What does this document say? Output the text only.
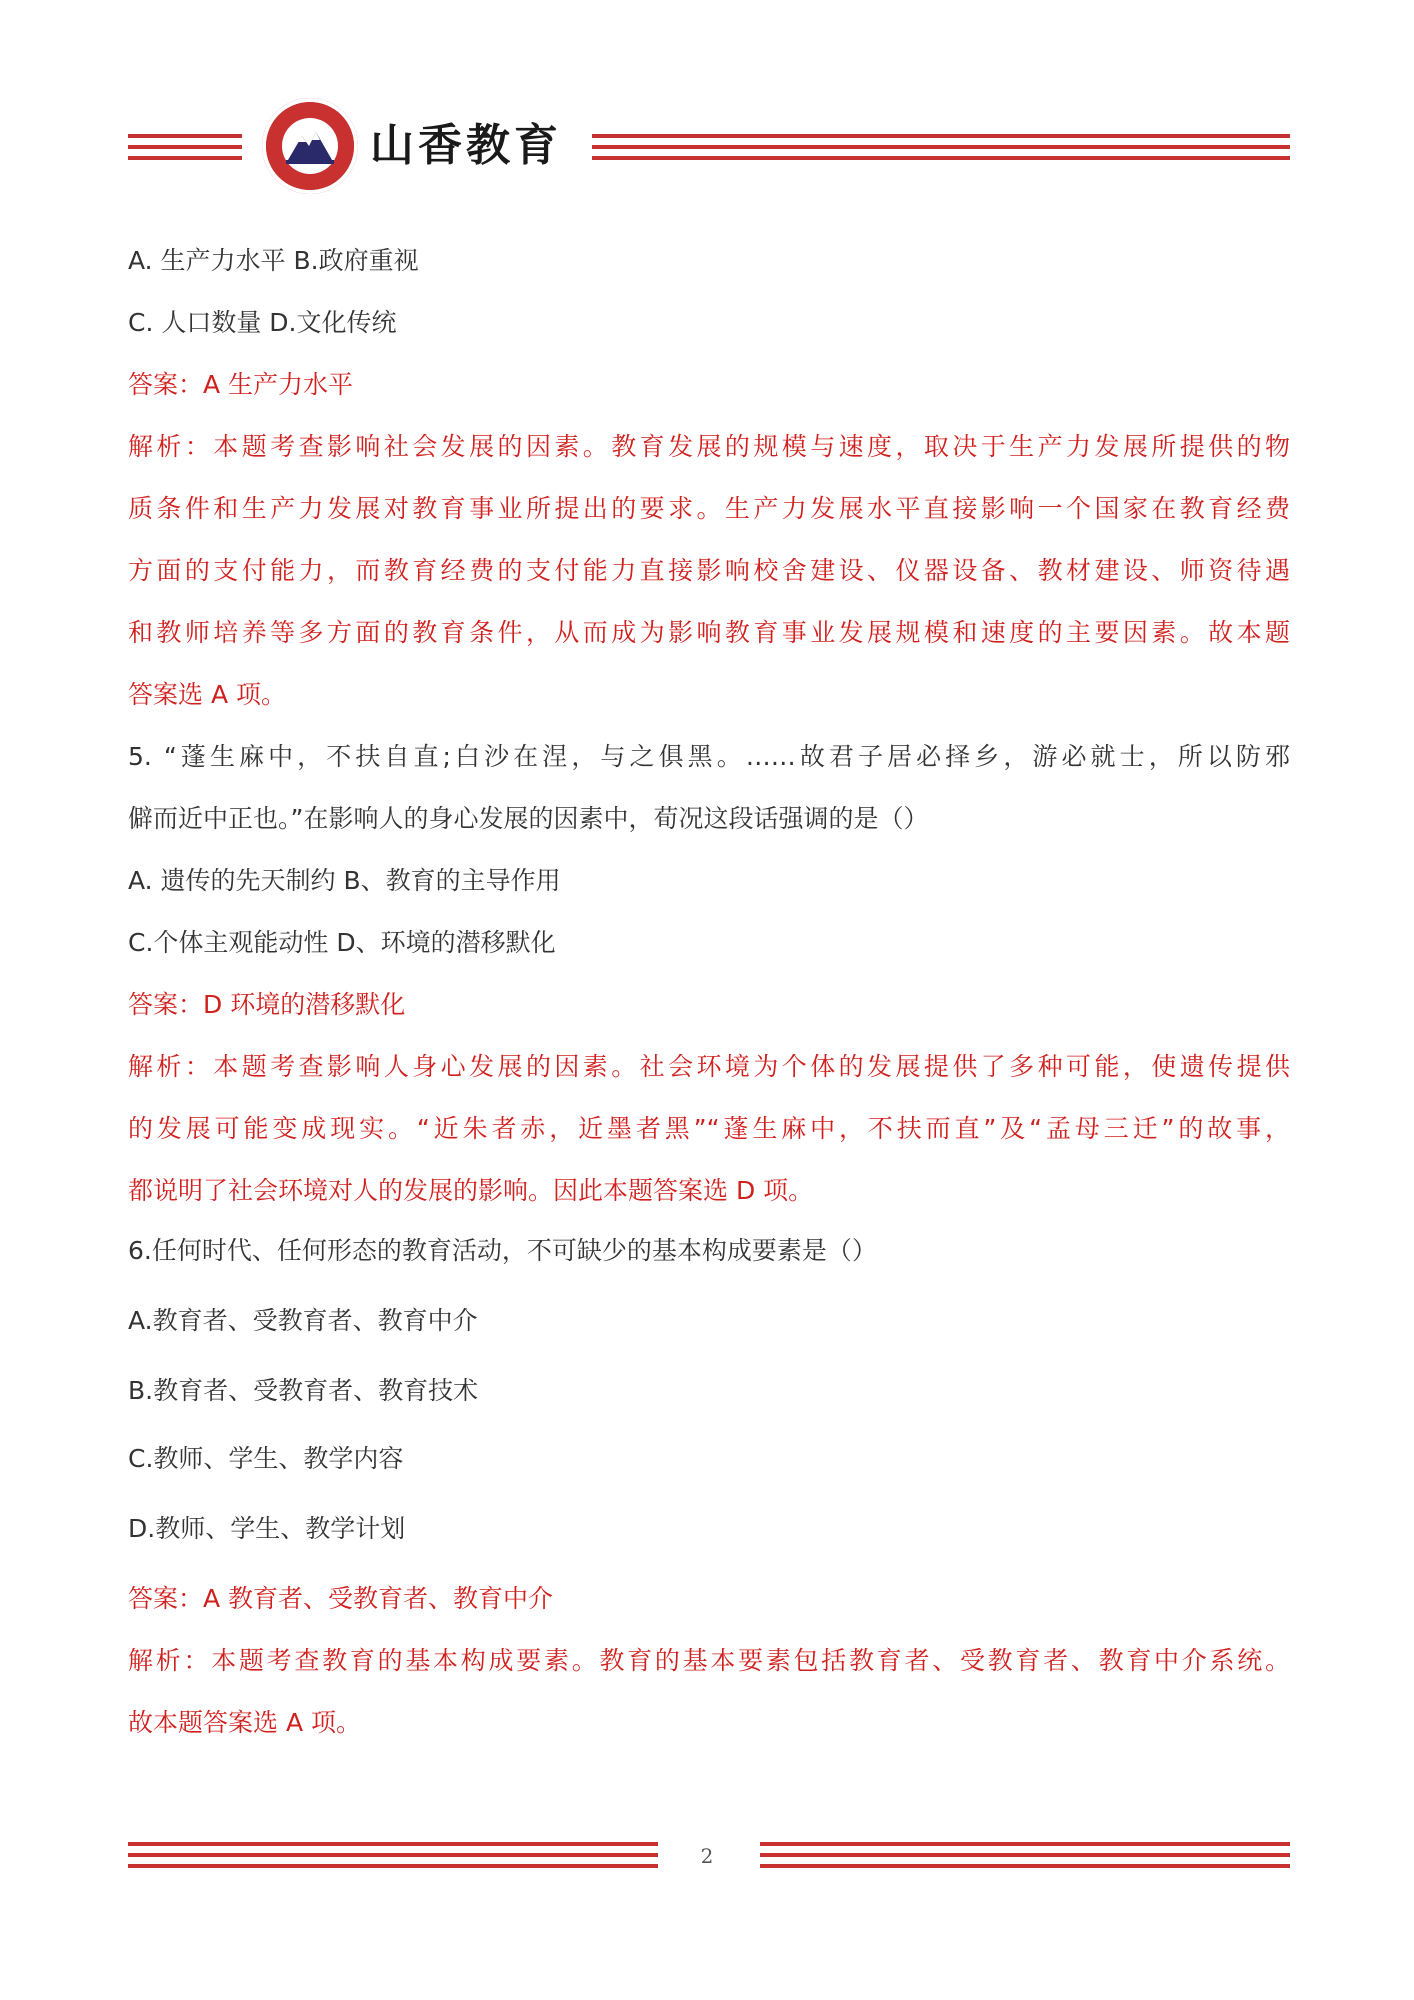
山香教育
A. 生产力水平 B.政府重视
C. 人口数量 D.文化传统
答案：A 生产力水平
解析：本题考查影响社会发展的因素。教育发展的规模与速度，取决于生产力发展所提供的物
质条件和生产力发展对教育事业所提出的要求。生产力发展水平直接影响一个国家在教育经费
方面的支付能力，而教育经费的支付能力直接影响校舍建设、仪器设备、教材建设、师资待遇
和教师培养等多方面的教育条件，从而成为影响教育事业发展规模和速度的主要因素。故本题
答案选 A 项。
5. “蓬生麻中，不扶自直;白沙在涅，与之俱黑。……故君子居必择乡，游必就士，所以防邪
僻而近中正也。”在影响人的身心发展的因素中，荀况这段话强调的是（）
A. 遗传的先天制约 B、教育的主导作用
C.个体主观能动性 D、环境的潜移默化
答案：D 环境的潜移默化
解析：本题考查影响人身心发展的因素。社会环境为个体的发展提供了多种可能，使遗传提供
的发展可能变成现实。“近朱者赤，近墨者黑”“蓬生麻中，不扶而直”及“孟母三迁”的故事，
都说明了社会环境对人的发展的影响。因此本题答案选 D 项。
6.任何时代、任何形态的教育活动，不可缺少的基本构成要素是（）
A.教育者、受教育者、教育中介
B.教育者、受教育者、教育技术
C.教师、学生、教学内容
D.教师、学生、教学计划
答案：A 教育者、受教育者、教育中介
解析：本题考查教育的基本构成要素。教育的基本要素包括教育者、受教育者、教育中介系统。
故本题答案选 A 项。
2
